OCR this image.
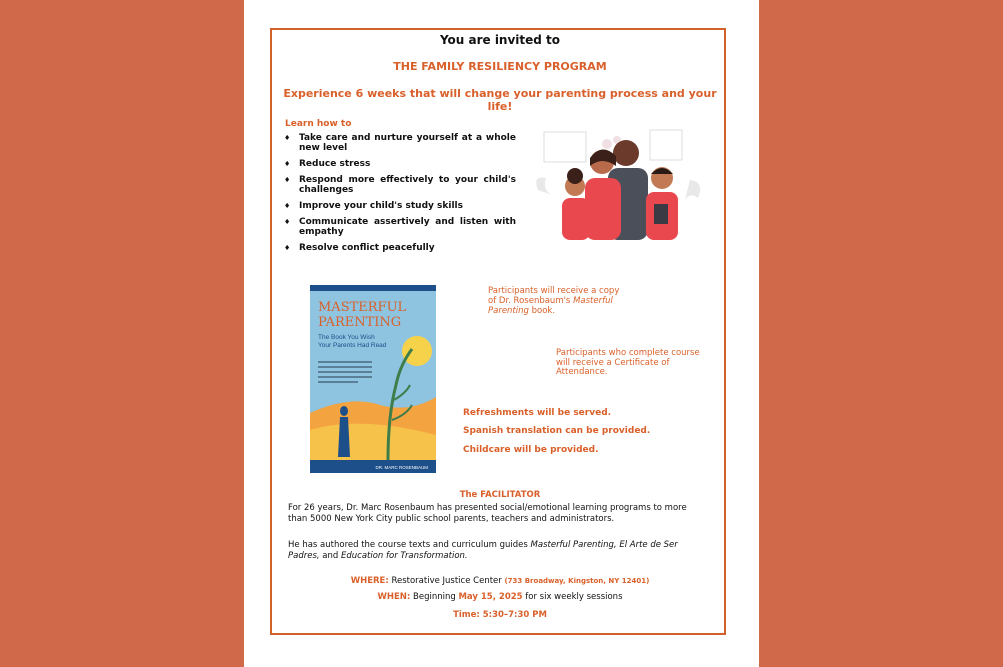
You are invited to

THE FAMILY RESILIENCY PROGRAM

Experience 6 weeks that will change your parenting process and your life!

Learn how to

♦ Take care and nurture yourself at a whole new level
♦ Reduce stress
♦ Respond more effectively to your child's challenges
♦ Improve your child's study skills
♦ Communicate assertively and listen with empathy
♦ Resolve conflict peacefully
MASTERFUL
PARENTING
The Book You Wish
Your Parents Had Read
DR. MARC ROSENBAUM

Participants will receive a copy
of Dr. Rosenbaum's Masterful
Parenting book.

Participants who complete course will receive a Certificate of Attendance.

Refreshments will be served.

Spanish translation can be provided.

Childcare will be provided.

The FACILITATOR

For 26 years, Dr. Marc Rosenbaum has presented social/emotional learning programs to more than 5000 New York City public school parents, teachers and administrators.

He has authored the course texts and curriculum guides Masterful Parenting, El Arte de Ser Padres, and Education for Transformation.

WHERE: Restorative Justice Center (733 Broadway, Kingston, NY 12401)

WHEN: Beginning May 15, 2025 for six weekly sessions

Time: 5:30–7:30 PM
